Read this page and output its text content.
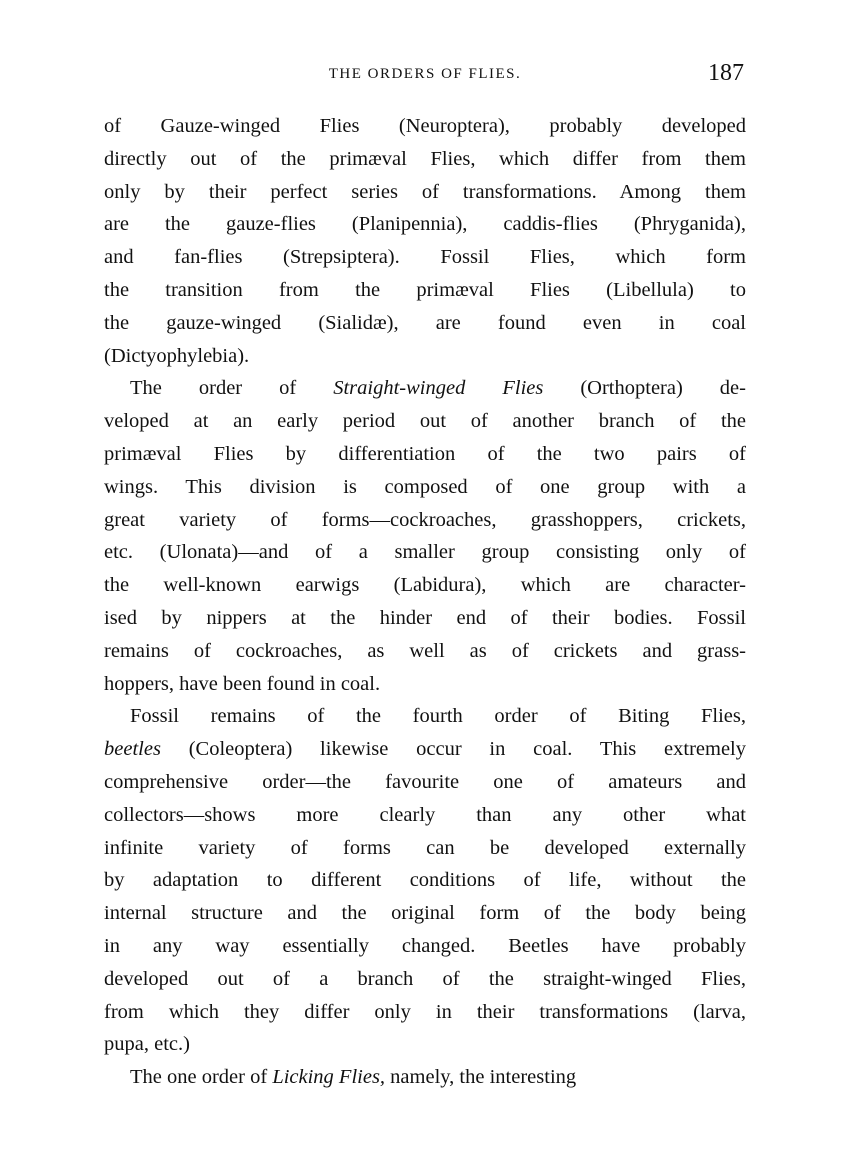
THE ORDERS OF FLIES.	187
of Gauze-winged Flies (Neuroptera), probably developed
directly out of the primæval Flies, which differ from them
only by their perfect series of transformations. Among them
are the gauze-flies (Planipennia), caddis-flies (Phryganida),
and fan-flies (Strepsiptera). Fossil Flies, which form
the transition from the primæval Flies (Libellula) to
the gauze-winged (Sialidæ), are found even in coal
(Dictyophylebia).
The order of Straight-winged Flies (Orthoptera) de-
veloped at an early period out of another branch of the
primæval Flies by differentiation of the two pairs of
wings. This division is composed of one group with a
great variety of forms—cockroaches, grasshoppers, crickets,
etc. (Ulonata)—and of a smaller group consisting only of
the well-known earwigs (Labidura), which are character-
ised by nippers at the hinder end of their bodies. Fossil
remains of cockroaches, as well as of crickets and grass-
hoppers, have been found in coal.
Fossil remains of the fourth order of Biting Flies,
beetles (Coleoptera) likewise occur in coal. This extremely
comprehensive order—the favourite one of amateurs and
collectors—shows more clearly than any other what
infinite variety of forms can be developed externally
by adaptation to different conditions of life, without the
internal structure and the original form of the body being
in any way essentially changed. Beetles have probably
developed out of a branch of the straight-winged Flies,
from which they differ only in their transformations (larva,
pupa, etc.)
The one order of Licking Flies, namely, the interesting
